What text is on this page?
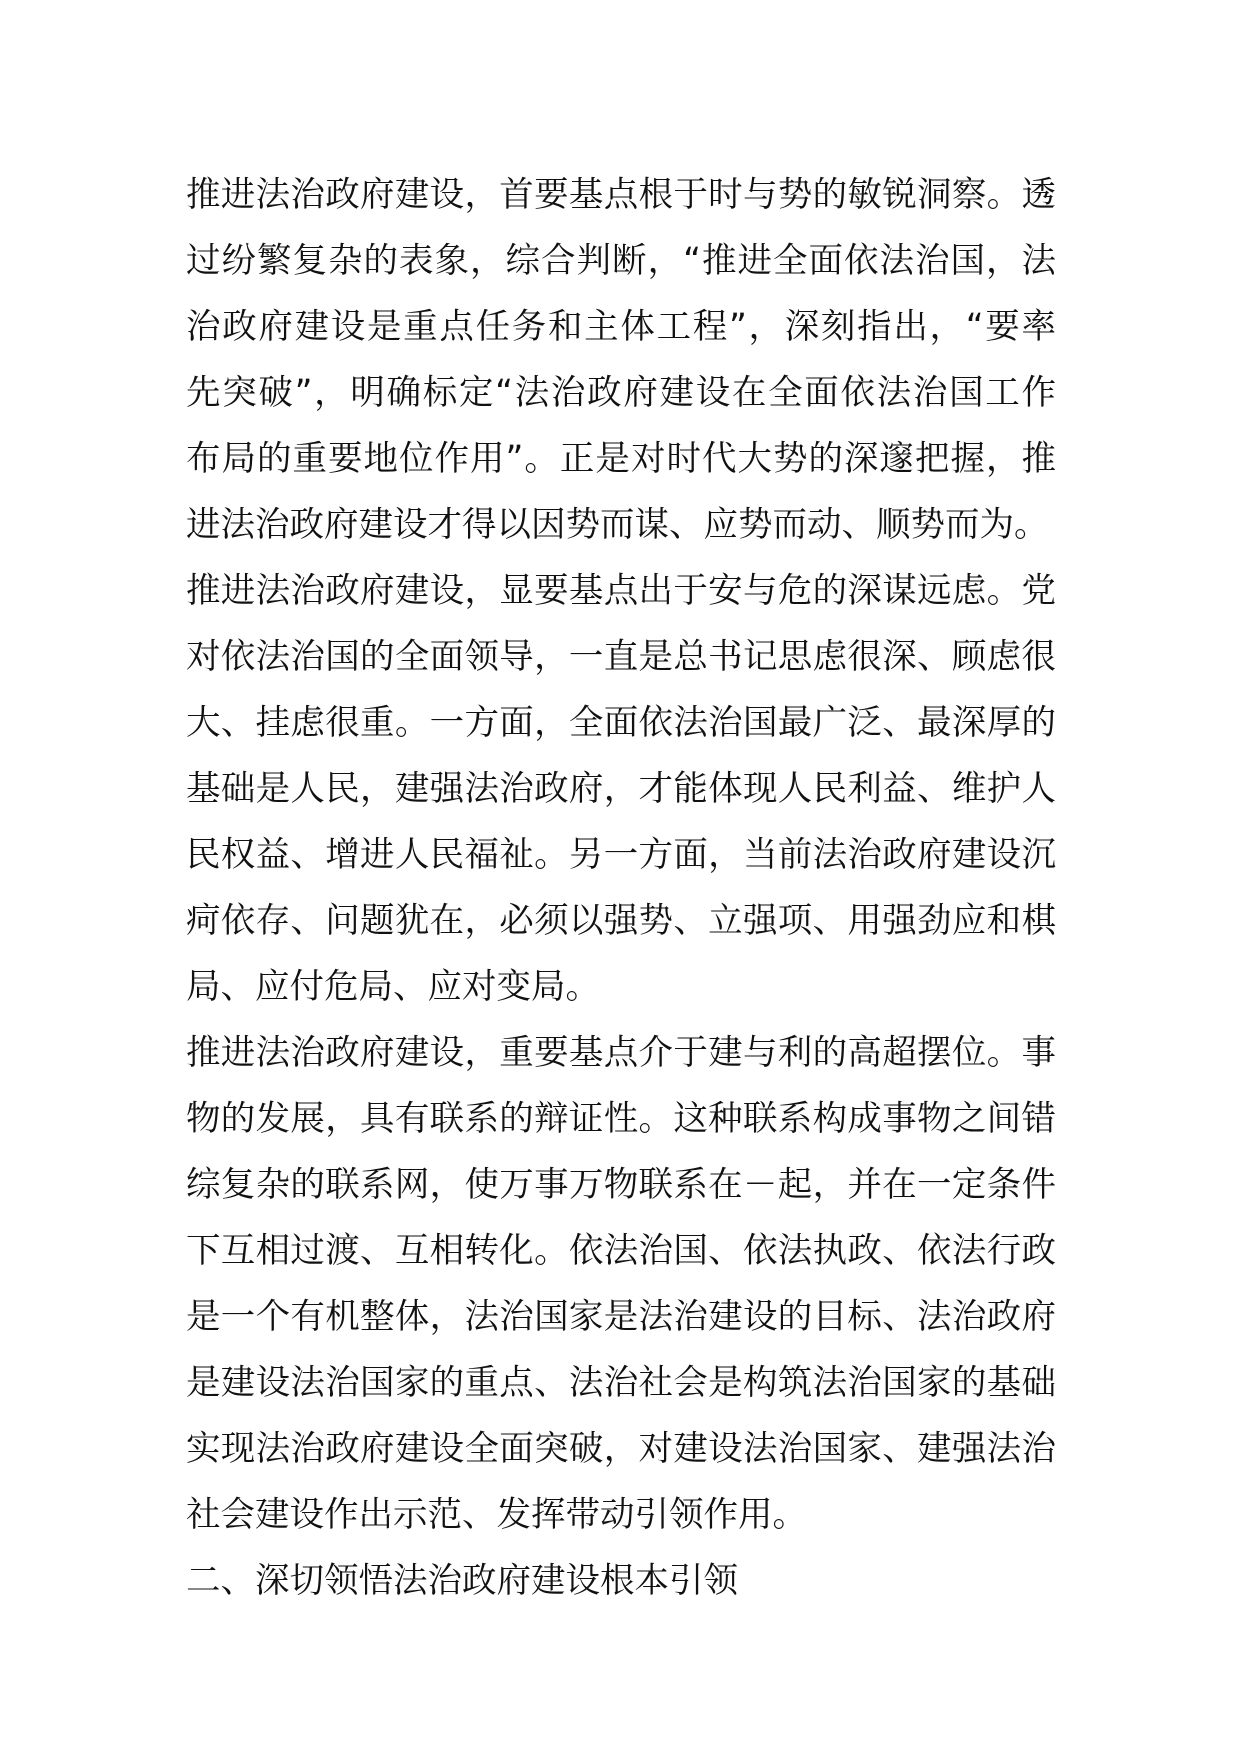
推进法治政府建设，首要基点根于时与势的敏锐洞察。透
过纷繁复杂的表象，综合判断，“推进全面依法治国，法
治政府建设是重点任务和主体工程”，深刻指出，“要率
先突破”，明确标定“法治政府建设在全面依法治国工作
布局的重要地位作用”。正是对时代大势的深邃把握，推
进法治政府建设才得以因势而谋、应势而动、顺势而为。
推进法治政府建设，显要基点出于安与危的深谋远虑。党
对依法治国的全面领导，一直是总书记思虑很深、顾虑很
大、挂虑很重。一方面，全面依法治国最广泛、最深厚的
基础是人民，建强法治政府，才能体现人民利益、维护人
民权益、增进人民福祉。另一方面，当前法治政府建设沉
疴依存、问题犹在，必须以强势、立强项、用强劲应和棋
局、应付危局、应对变局。
推进法治政府建设，重要基点介于建与利的高超摆位。事
物的发展，具有联系的辩证性。这种联系构成事物之间错
综复杂的联系网，使万事万物联系在－起，并在一定条件
下互相过渡、互相转化。依法治国、依法执政、依法行政
是一个有机整体，法治国家是法治建设的目标、法治政府
是建设法治国家的重点、法治社会是构筑法治国家的基础
实现法治政府建设全面突破，对建设法治国家、建强法治
社会建设作出示范、发挥带动引领作用。
二、深切领悟法治政府建设根本引领
